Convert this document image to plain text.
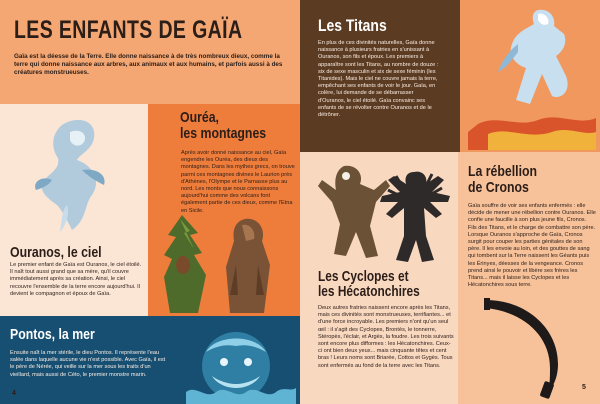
LES ENFANTS DE GAÏA
Gaïa est la déesse de la Terre. Elle donne naissance à de très nombreux dieux, comme la terre qui donne naissance aux arbres, aux animaux et aux humains, et parfois aussi à des créatures monstrueuses.
Ouranos, le ciel
Le premier enfant de Gaïa est Ouranos, le ciel étoilé. Il naît tout aussi grand que sa mère, qu'il couvre immédiatement après sa création. Ainsi, le ciel recouvre l'ensemble de la terre encore aujourd'hui. Il devient le compagnon et époux de Gaïa.
Ouréa,
les montagnes
Après avoir donné naissance au ciel, Gaïa engendre les Ouréa, des dieux des montagnes. Dans les mythes grecs, on trouve parmi ces montagnes divines le Laurion près d'Athènes, l'Olympe et le Parnasse plus au nord. Les monts que nous connaissons aujourd'hui comme des volcans font également partie de ces dieux, comme l'Etna en Sicile.
Pontos, la mer
Ensuite naît la mer stérile, le dieu Pontos. Il représente l'eau salée dans laquelle aucune vie n'est possible. Avec Gaïa, il est le père de Nérée, qui veille sur la mer sous les traits d'un vieillard, mais aussi de Céto, le premier monstre marin.
4
Les Titans
En plus de ces divinités naturelles, Gaïa donne naissance à plusieurs fratries en s'unissant à Ouranos, son fils et époux. Les premiers à apparaître sont les Titans, au nombre de douze : six de sexe masculin et six de sexe féminin (les Titanides). Mais le ciel ne couvre jamais la terre, empêchant ses enfants de voir le jour. Gaïa, en colère, lui demande de se débarrasser d'Ouranos, le ciel étoilé. Gaïa convainc ses enfants de se révolter contre Ouranos et de le détrôner.
Les Cyclopes et
les Hécatonchires
Deux autres fratries naissent encore après les Titans, mais ces divinités sont monstrueuses, terrifiantes... et d'une force incroyable. Les premiers n'ont qu'un seul œil : il s'agit des Cyclopes, Brontès, le tonnerre, Stéropès, l'éclair, et Argès, la foudre. Les trois suivants sont encore plus difformes : les Hécatonchires. Ceux-ci ont bien deux yeux... mais cinquante têtes et cent bras ! Leurs noms sont Briarée, Cottos et Gygès. Tous sont enfermés au fond de la terre avec les Titans.
La rébellion
de Cronos
Gaïa souffre de voir ses enfants enfermés : elle décide de mener une rébellion contre Ouranos. Elle confie une faucille à son plus jeune fils, Cronos. Fils des Titans, et le charge de combattre son père. Lorsque Ouranos s'approche de Gaïa, Cronos surgit pour couper les parties génitales de son père. Il les envoie au loin, et des gouttes de sang qui tombent sur la Terre naissent les Géants puis les Érinyes, déesses de la vengeance. Cronos prend ainsi le pouvoir et libère ses frères les Titans... mais il laisse les Cyclopes et les Hécatonchires sous terre.
5
